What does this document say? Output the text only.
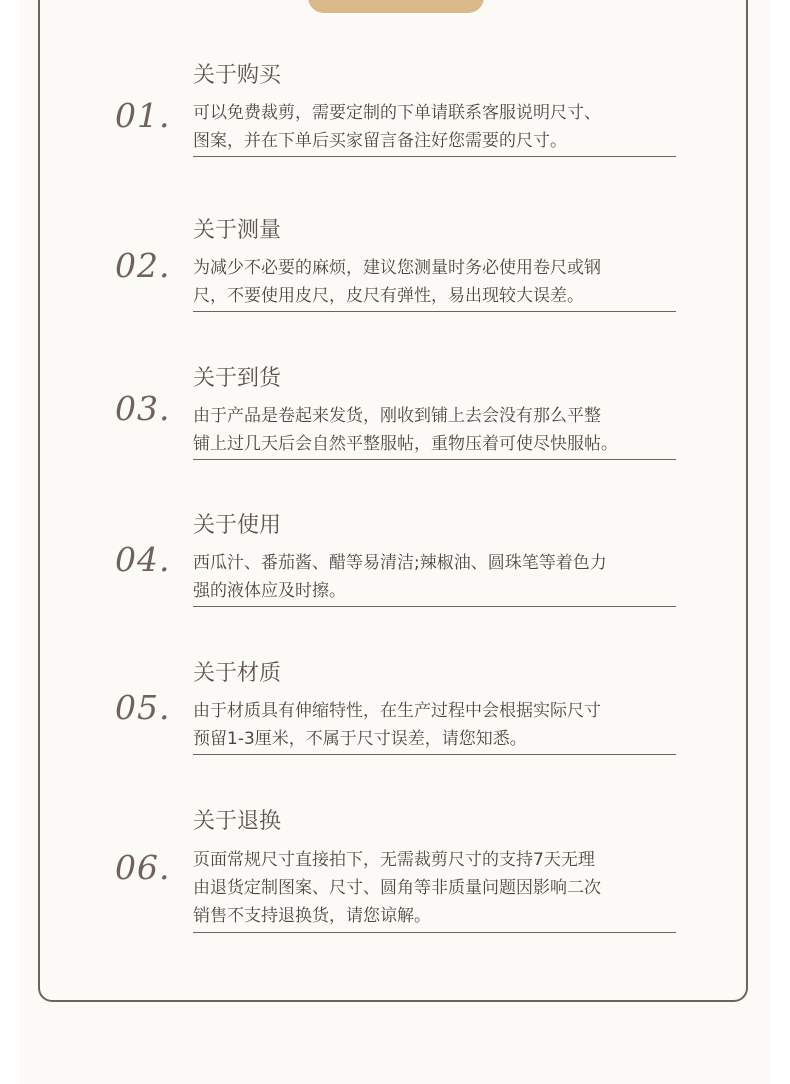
关于购买
01. 可以免费裁剪，需要定制的下单请联系客服说明尺寸、
图案，并在下单后买家留言备注好您需要的尺寸。
关于测量
02. 为减少不必要的麻烦，建议您测量时务必使用卷尺或钢
尺，不要使用皮尺，皮尺有弹性，易出现较大误差。
关于到货
03. 由于产品是卷起来发货，刚收到铺上去会没有那么平整
铺上过几天后会自然平整服帖，重物压着可使尽快服帖。
关于使用
04. 西瓜汁、番茄酱、醋等易清洁;辣椒油、圆珠笔等着色力
强的液体应及时擦。
关于材质
05. 由于材质具有伸缩特性，在生产过程中会根据实际尺寸
预留1-3厘米，不属于尺寸误差，请您知悉。
关于退换
06. 页面常规尺寸直接拍下，无需裁剪尺寸的支持7天无理
由退货定制图案、尺寸、圆角等非质量问题因影响二次
销售不支持退换货，请您谅解。
